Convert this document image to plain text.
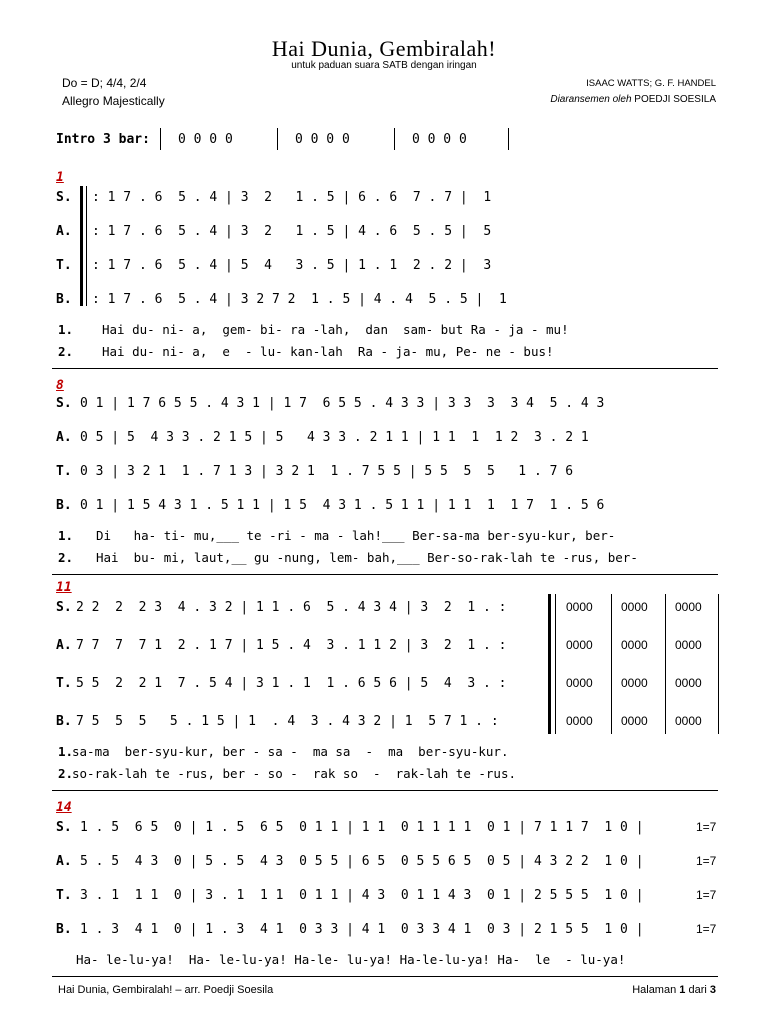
Hai Dunia, Gembiralah!
untuk paduan suara SATB dengan iringan
Do = D; 4/4, 2/4
Allegro Majestically
ISAAC WATTS; G. F. HANDEL
Diaransemen oleh POEDJI SOESILA
Intro 3 bar: 0 0 0 0	0 0 0 0	0 0 0 0
1
S. : 1 7 . 6  5 . 4 | 3  2   1 . 5 | 6 . 6  7 . 7 |  1
A. : 1 7 . 6  5 . 4 | 3  2   1 . 5 | 4 . 6  5 . 5 |  5
T. : 1 7 . 6  5 . 4 | 5  4   3 . 5 | 1 . 1  2 . 2 |  3
B. : 1 7 . 6  5 . 4 | 3 2 7 2  1 . 5 | 4 . 4  5 . 5 |  1
1. Hai du- ni- a,  gem- bi- ra -lah,  dan  sam- but Ra - ja - mu!
2. Hai du- ni- a,  e  - lu- kan-lah  Ra - ja- mu, Pe- ne - bus!
8
S. 0 1 | 1 7 6 5 5 . 4 3 1 | 1 7  6 5 5 . 4 3 3 | 3 3  3  3 4  5 . 4 3
A. 0 5 | 5  4 3 3 . 2 1 5 | 5   4 3 3 . 2 1 1 | 1 1  1  1 2  3 . 2 1
T. 0 3 | 3 2 1  1 . 7 1 3 | 3 2 1  1 . 7 5 5 | 5 5  5  5   1 . 7 6
B. 0 1 | 1 5 4 3 1 . 5 1 1 | 1 5  4 3 1 . 5 1 1 | 1 1  1  1 7  1 . 5 6
1. Di   ha- ti- mu,___ te -ri - ma - lah!___ Ber-sa-ma ber-syu-kur, ber-
2. Hai  bu- mi, laut,__ gu -nung, lem- bah,___ Ber-so-rak-lah te -rus, ber-
11
S. 2 2  2  2 3  4 . 3 2 | 1 1 . 6  5 . 4 3 4 | 3  2  1 . :
A. 7 7  7  7 1  2 . 1 7 | 1 5 . 4  3 . 1 1 2 | 3  2  1 . :
T. 5 5  2  2 1  7 . 5 4 | 3 1 . 1  1 . 6 5 6 | 5  4  3 . :
B. 7 5  5  5   5 . 1 5 | 1  . 4  3 . 4 3 2 | 1  5 7 1 . :
0000 0000 0000
0000 0000 0000
0000 0000 0000
0000 0000 0000
1.
sa-ma  ber-syu-kur, ber - sa -  ma sa  -  ma  ber-syu-kur.
2.
so-rak-lah te -rus, ber - so -  rak so  -  rak-lah te -rus.
14
S. 1 . 5  6 5  0 | 1 . 5  6 5  0 1 1 | 1 1  0 1 1 1 1  0 1 | 7 1 1 7  1 0 |	1=7
A. 5 . 5  4 3  0 | 5 . 5  4 3  0 5 5 | 6 5  0 5 5 6 5  0 5 | 4 3 2 2  1 0 |	1=7
T. 3 . 1  1 1  0 | 3 . 1  1 1  0 1 1 | 4 3  0 1 1 4 3  0 1 | 2 5 5 5  1 0 |	1=7
B. 1 . 3  4 1  0 | 1 . 3  4 1  0 3 3 | 4 1  0 3 3 4 1  0 3 | 2 1 5 5  1 0 |	1=7
Ha- le-lu-ya!  Ha- le-lu-ya! Ha-le- lu-ya! Ha-le-lu-ya! Ha-  le  - lu-ya!
Hai Dunia, Gembiralah! – arr. Poedji Soesila	Halaman 1 dari 3
